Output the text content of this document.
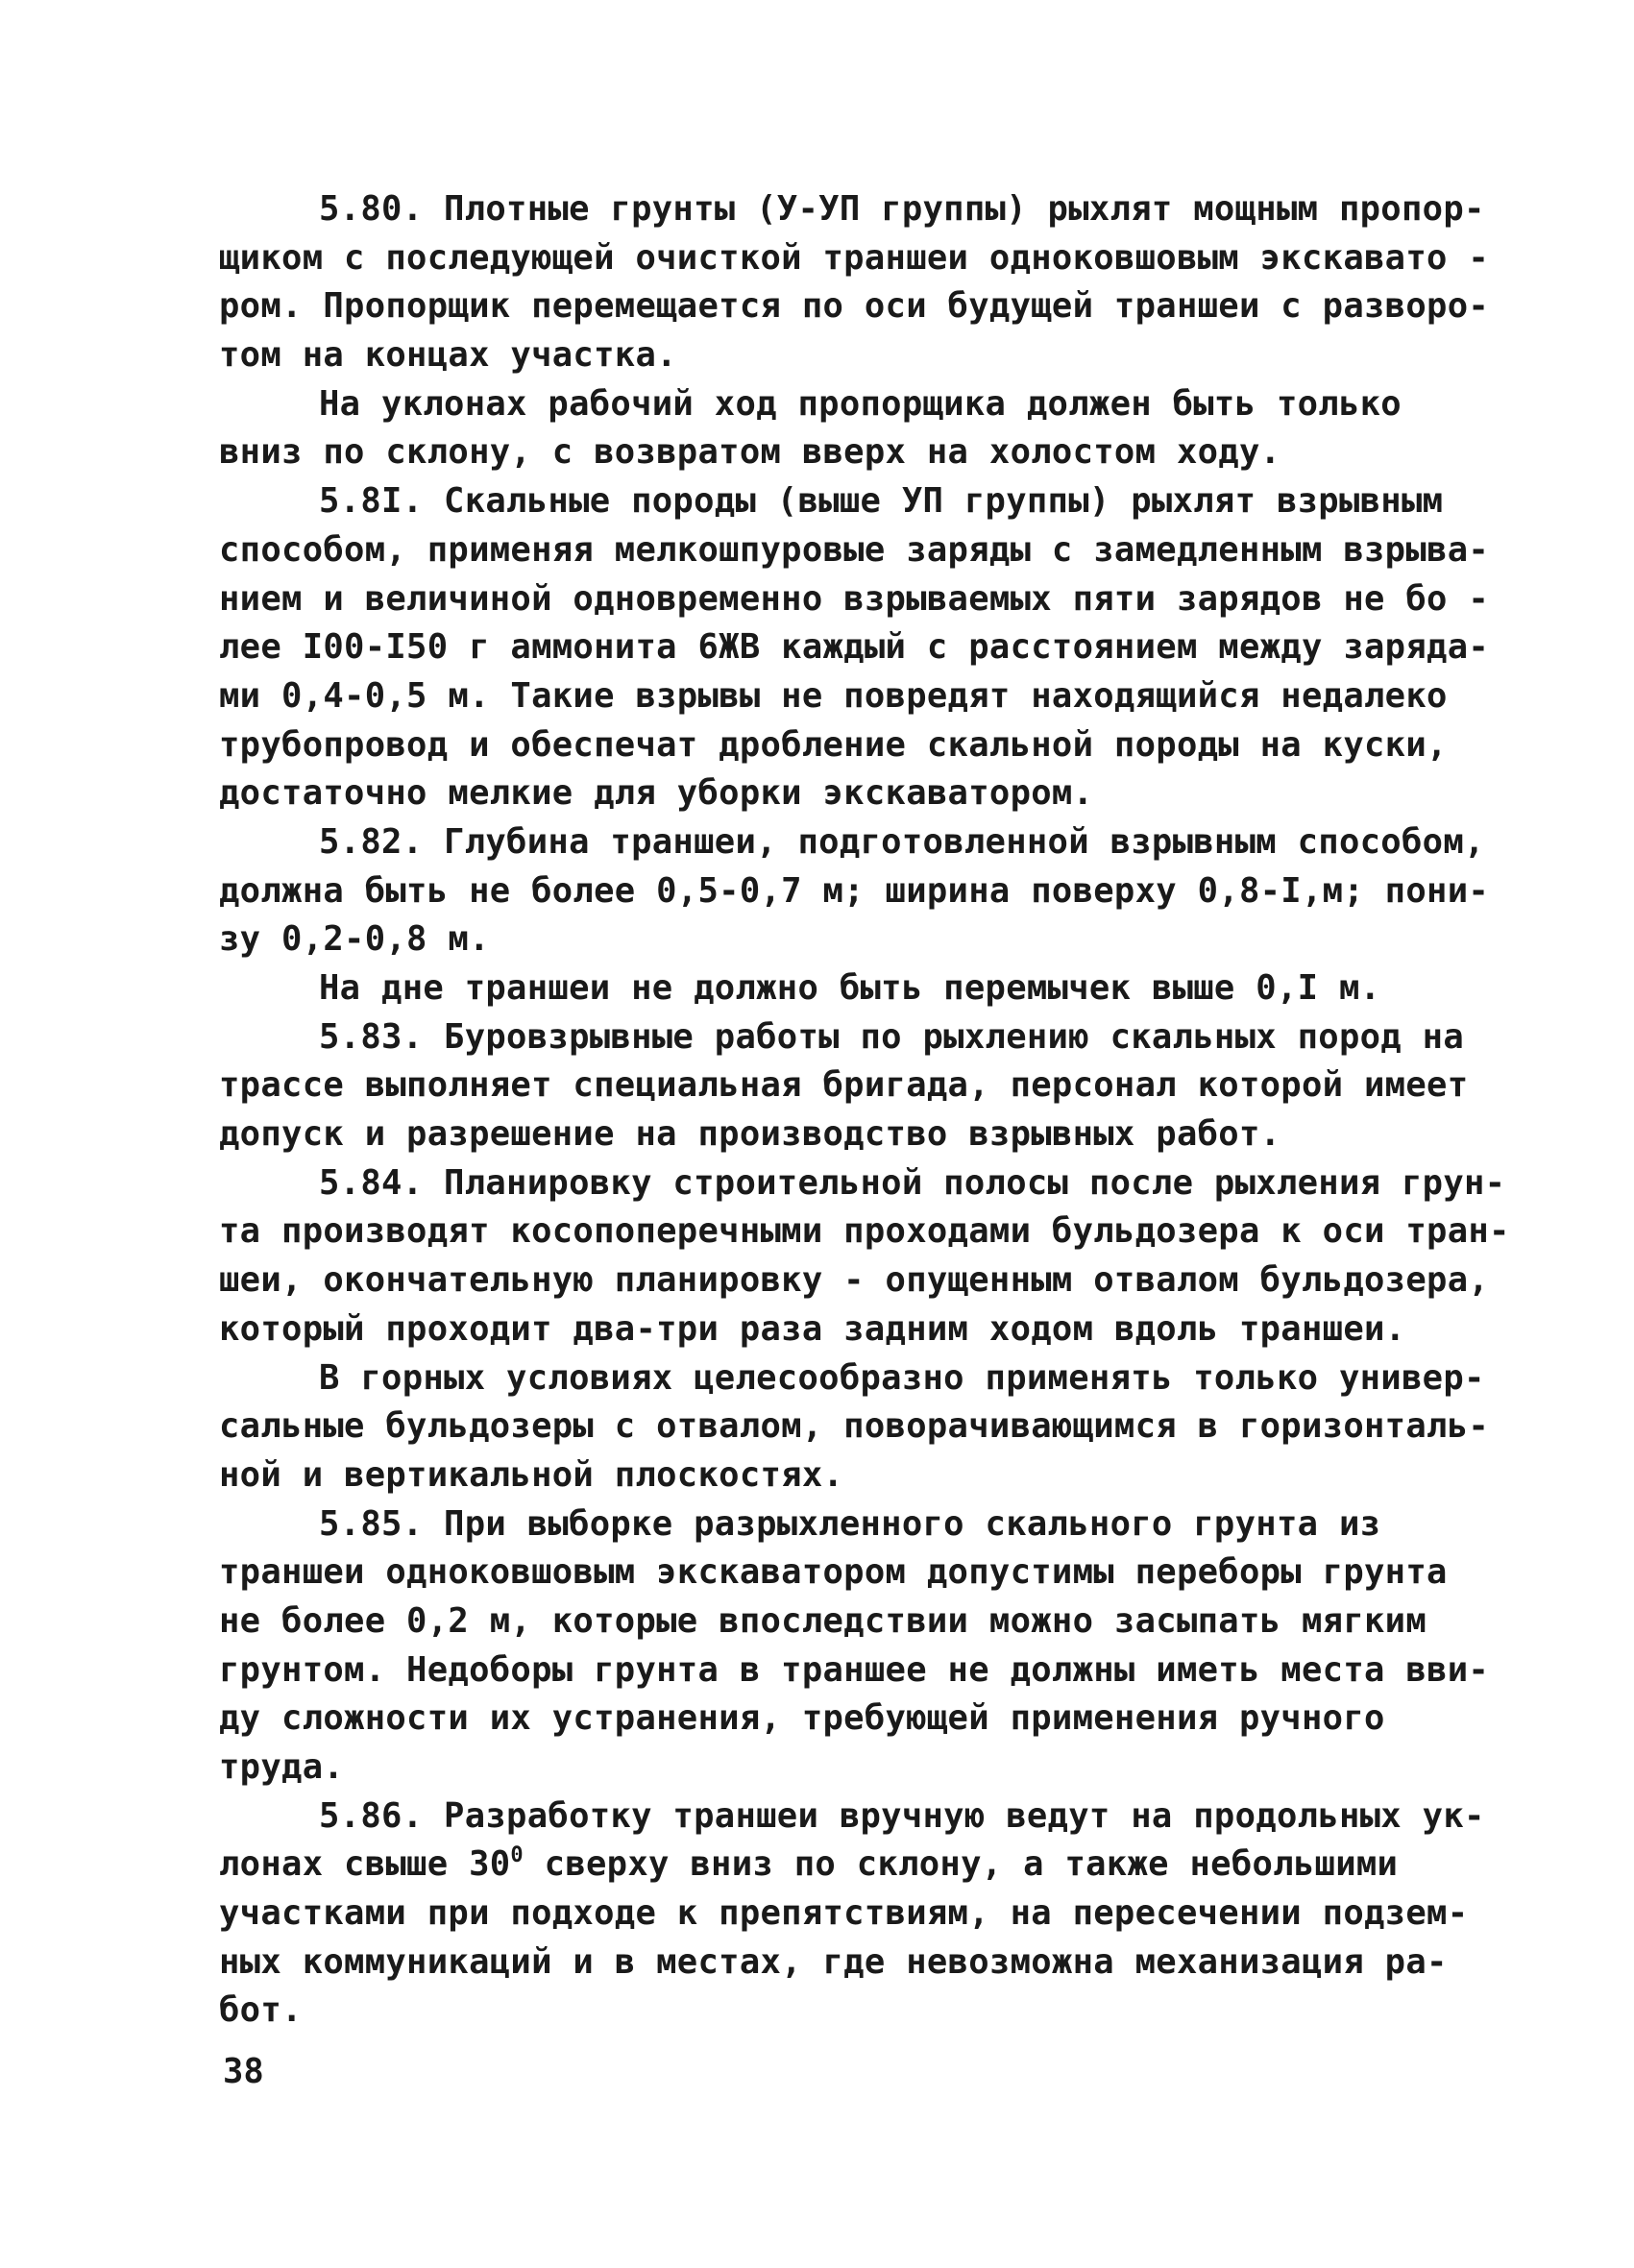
5.80. Плотные грунты (У-УП группы) рыхлят мощным пропор-
щиком с последующей очисткой траншеи одноковшовым экскавато -
ром. Пропорщик перемещается по оси будущей траншеи с разворо-
том на концах участка.
На уклонах рабочий ход пропорщика должен быть только
вниз по склону, с возвратом вверх на холостом ходу.
5.8I. Скальные породы (выше УП группы) рыхлят взрывным
способом, применяя мелкошпуровые заряды с замедленным взрыва-
нием и величиной одновременно взрываемых пяти зарядов не бо -
лее I00-I50 г аммонита 6ЖВ каждый с расстоянием между заряда-
ми 0,4-0,5 м. Такие взрывы не повредят находящийся недалеко
трубопровод и обеспечат дробление скальной породы на куски,
достаточно мелкие для уборки экскаватором.
5.82. Глубина траншеи, подготовленной взрывным способом,
должна быть не более 0,5-0,7 м; ширина поверху 0,8-I,м; пони-
зу 0,2-0,8 м.
На дне траншеи не должно быть перемычек выше 0,I м.
5.83. Буровзрывные работы по рыхлению скальных пород на
трассе выполняет специальная бригада, персонал которой имеет
допуск и разрешение на производство взрывных работ.
5.84. Планировку строительной полосы после рыхления грун-
та производят косопоперечными проходами бульдозера к оси тран-
шеи, окончательную планировку - опущенным отвалом бульдозера,
который проходит два-три раза задним ходом вдоль траншеи.
В горных условиях целесообразно применять только универ-
сальные бульдозеры с отвалом, поворачивающимся в горизонталь-
ной и вертикальной плоскостях.
5.85. При выборке разрыхленного скального грунта из
траншеи одноковшовым экскаватором допустимы переборы грунта
не более 0,2 м, которые впоследствии можно засыпать мягким
грунтом. Недоборы грунта в траншее не должны иметь места вви-
ду сложности их устранения, требующей применения ручного
труда.
5.86. Разработку траншеи вручную ведут на продольных ук-
лонах свыше $30^0$ сверху вниз по склону, а также небольшими
участками при подходе к препятствиям, на пересечении подзем-
ных коммуникаций и в местах, где невозможна механизация ра-
бот.
38
